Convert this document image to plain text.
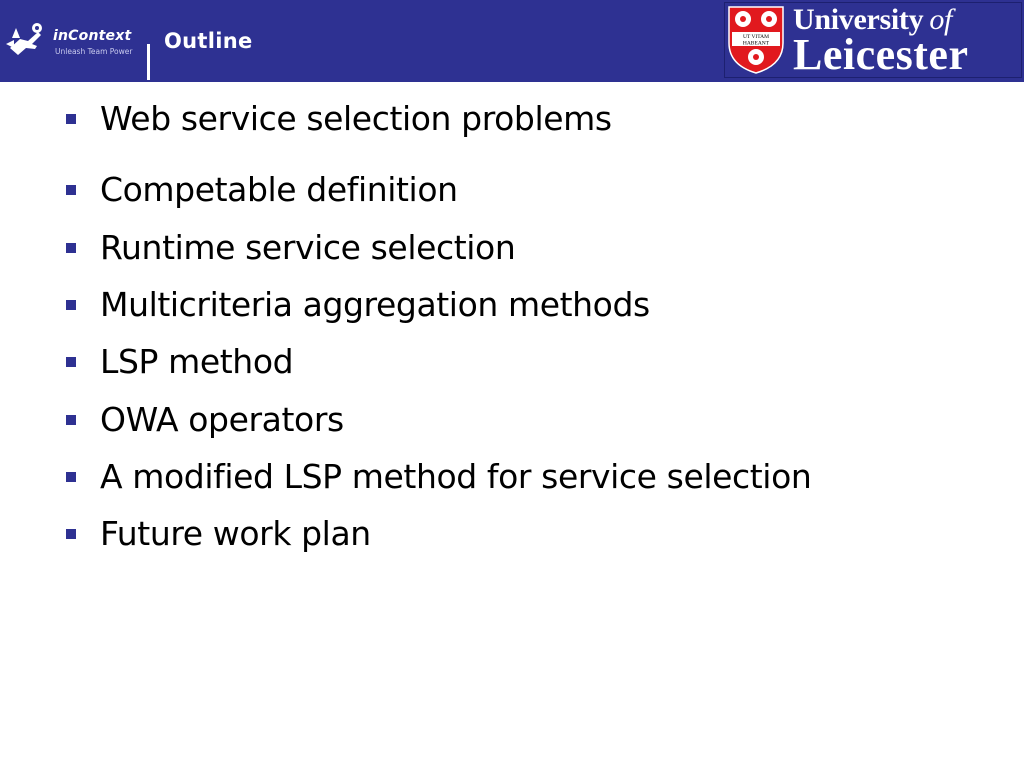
inContext
Unleash Team Power Outline	UT VITAM
HABEANT
University of
Leicester
Web service selection problems
Competable definition
Runtime service selection
Multicriteria aggregation methods
LSP method
OWA operators
A modified LSP method for service selection
Future work plan
